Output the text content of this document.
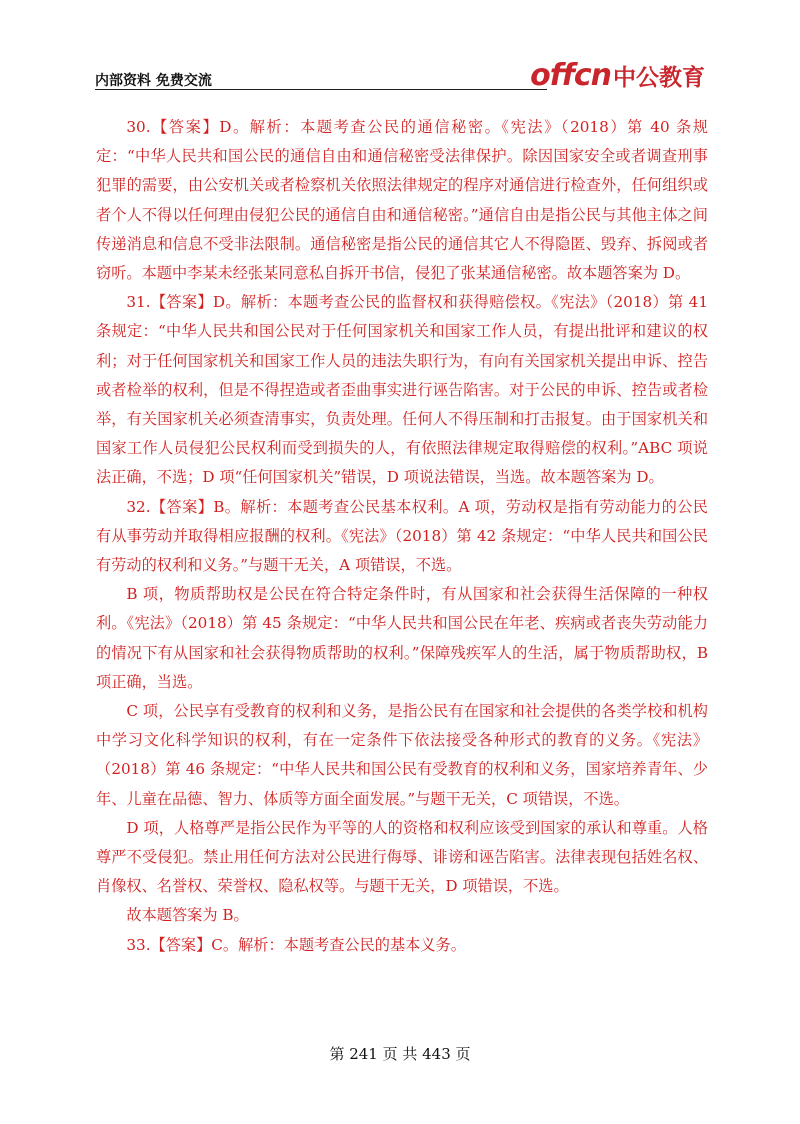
内部资料 免费交流	offcn 中公教育

30.【答案】D。解析：本题考查公民的通信秘密。《宪法》（2018）第 40 条规定：“中华人民共和国公民的通信自由和通信秘密受法律保护。除因国家安全或者调查刑事犯罪的需要，由公安机关或者检察机关依照法律规定的程序对通信进行检查外，任何组织或者个人不得以任何理由侵犯公民的通信自由和通信秘密。”通信自由是指公民与其他主体之间传递消息和信息不受非法限制。通信秘密是指公民的通信其它人不得隐匿、毁弃、拆阅或者窃听。本题中李某未经张某同意私自拆开书信，侵犯了张某通信秘密。故本题答案为 D。

31.【答案】D。解析：本题考查公民的监督权和获得赔偿权。《宪法》（2018）第 41 条规定：“中华人民共和国公民对于任何国家机关和国家工作人员，有提出批评和建议的权利；对于任何国家机关和国家工作人员的违法失职行为，有向有关国家机关提出申诉、控告或者检举的权利，但是不得捏造或者歪曲事实进行诬告陷害。对于公民的申诉、控告或者检举，有关国家机关必须查清事实，负责处理。任何人不得压制和打击报复。由于国家机关和国家工作人员侵犯公民权利而受到损失的人，有依照法律规定取得赔偿的权利。”ABC 项说法正确，不选；D 项“任何国家机关”错误，D 项说法错误，当选。故本题答案为 D。

32.【答案】B。解析：本题考查公民基本权利。A 项，劳动权是指有劳动能力的公民有从事劳动并取得相应报酬的权利。《宪法》（2018）第 42 条规定：“中华人民共和国公民有劳动的权利和义务。”与题干无关，A 项错误，不选。

B 项，物质帮助权是公民在符合特定条件时，有从国家和社会获得生活保障的一种权利。《宪法》（2018）第 45 条规定：“中华人民共和国公民在年老、疾病或者丧失劳动能力的情况下有从国家和社会获得物质帮助的权利。”保障残疾军人的生活，属于物质帮助权，B 项正确，当选。

C 项，公民享有受教育的权利和义务，是指公民有在国家和社会提供的各类学校和机构中学习文化科学知识的权利，有在一定条件下依法接受各种形式的教育的义务。《宪法》（2018）第 46 条规定：“中华人民共和国公民有受教育的权利和义务，国家培养青年、少年、儿童在品德、智力、体质等方面全面发展。”与题干无关，C 项错误，不选。

D 项，人格尊严是指公民作为平等的人的资格和权利应该受到国家的承认和尊重。人格尊严不受侵犯。禁止用任何方法对公民进行侮辱、诽谤和诬告陷害。法律表现包括姓名权、肖像权、名誉权、荣誉权、隐私权等。与题干无关，D 项错误，不选。

故本题答案为 B。

33.【答案】C。解析：本题考查公民的基本义务。

第 241 页 共 443 页
